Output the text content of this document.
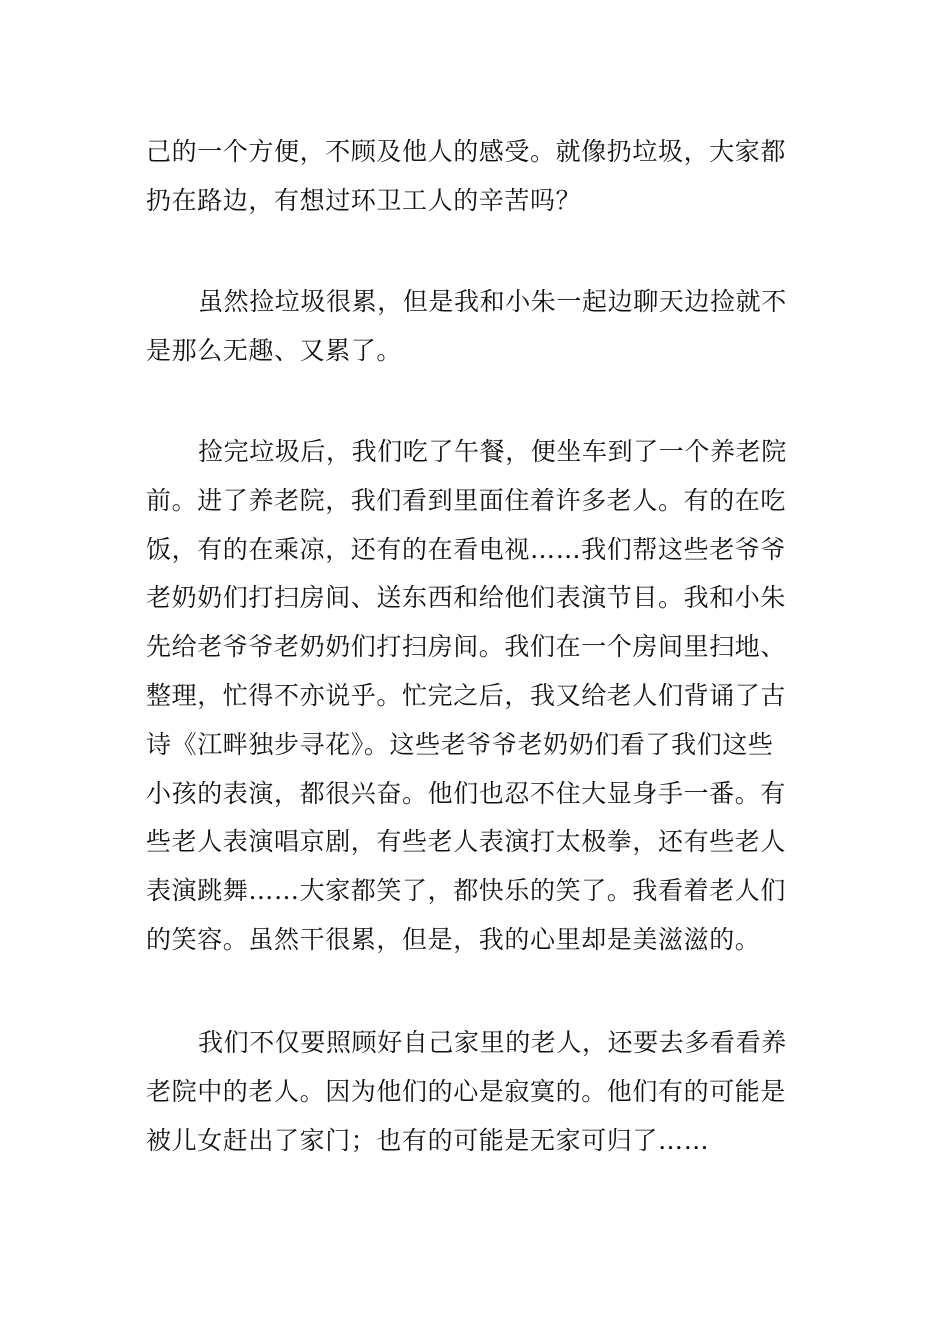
己的一个方便，不顾及他人的感受。就像扔垃圾，大家都
扔在路边，有想过环卫工人的辛苦吗？

虽然捡垃圾很累，但是我和小朱一起边聊天边捡就不
是那么无趣、又累了。

捡完垃圾后，我们吃了午餐，便坐车到了一个养老院
前。进了养老院，我们看到里面住着许多老人。有的在吃
饭，有的在乘凉，还有的在看电视……我们帮这些老爷爷
老奶奶们打扫房间、送东西和给他们表演节目。我和小朱
先给老爷爷老奶奶们打扫房间。我们在一个房间里扫地、
整理，忙得不亦说乎。忙完之后，我又给老人们背诵了古
诗《江畔独步寻花》。这些老爷爷老奶奶们看了我们这些
小孩的表演，都很兴奋。他们也忍不住大显身手一番。有
些老人表演唱京剧，有些老人表演打太极拳，还有些老人
表演跳舞……大家都笑了，都快乐的笑了。我看着老人们
的笑容。虽然干很累，但是，我的心里却是美滋滋的。

我们不仅要照顾好自己家里的老人，还要去多看看养
老院中的老人。因为他们的心是寂寞的。他们有的可能是
被儿女赶出了家门；也有的可能是无家可归了……
